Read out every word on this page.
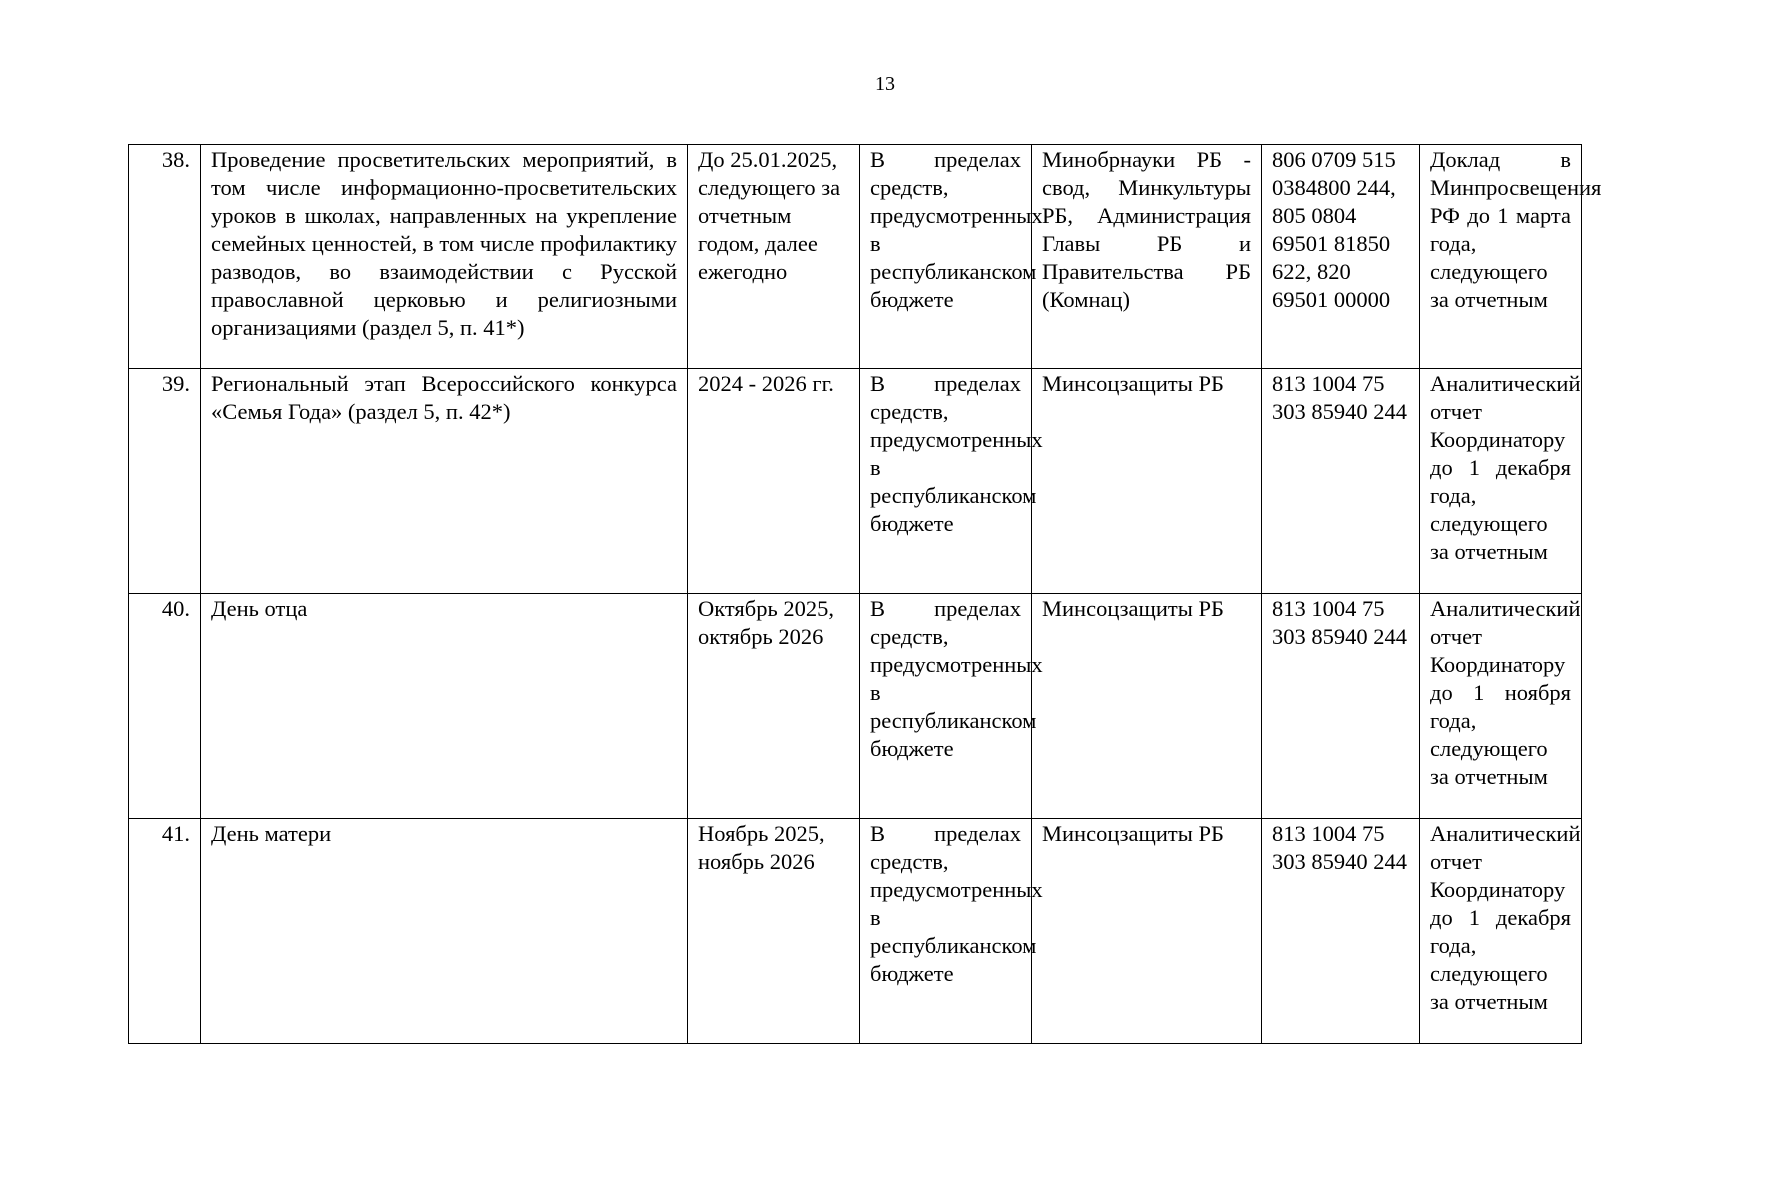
13
38.	Проведение просветительских мероприятий, в том числе информационно-просветительских уроков в школах, направленных на укрепление семейных ценностей, в том числе профилактику разводов, во взаимодействии с Русской православной церковью и религиозными организациями (раздел 5, п. 41*)	До 25.01.2025, следующего за отчетным годом, далее ежегодно	В пределах средств, предусмотренных в республиканском бюджете	Минобрнауки РБ - свод, Минкультуры РБ, Администрация Главы РБ и Правительства РБ (Комнац)	806 0709 515 0384800 244, 805 0804 69501 81850 622, 820 69501 00000	Доклад в Минпросвещения РФ до 1 марта года, следующего за отчетным
39.	Региональный этап Всероссийского конкурса «Семья Года» (раздел 5, п. 42*)	2024 - 2026 гг.	В пределах средств, предусмотренных в республиканском бюджете	Минсоцзащиты РБ	813 1004 75 303 85940 244	Аналитический отчет Координатору до 1 декабря года, следующего за отчетным
40.	День отца	Октябрь 2025, октябрь 2026	В пределах средств, предусмотренных в республиканском бюджете	Минсоцзащиты РБ	813 1004 75 303 85940 244	Аналитический отчет Координатору до 1 ноября года, следующего за отчетным
41.	День матери	Ноябрь 2025, ноябрь 2026	В пределах средств, предусмотренных в республиканском бюджете	Минсоцзащиты РБ	813 1004 75 303 85940 244	Аналитический отчет Координатору до 1 декабря года, следующего за отчетным
